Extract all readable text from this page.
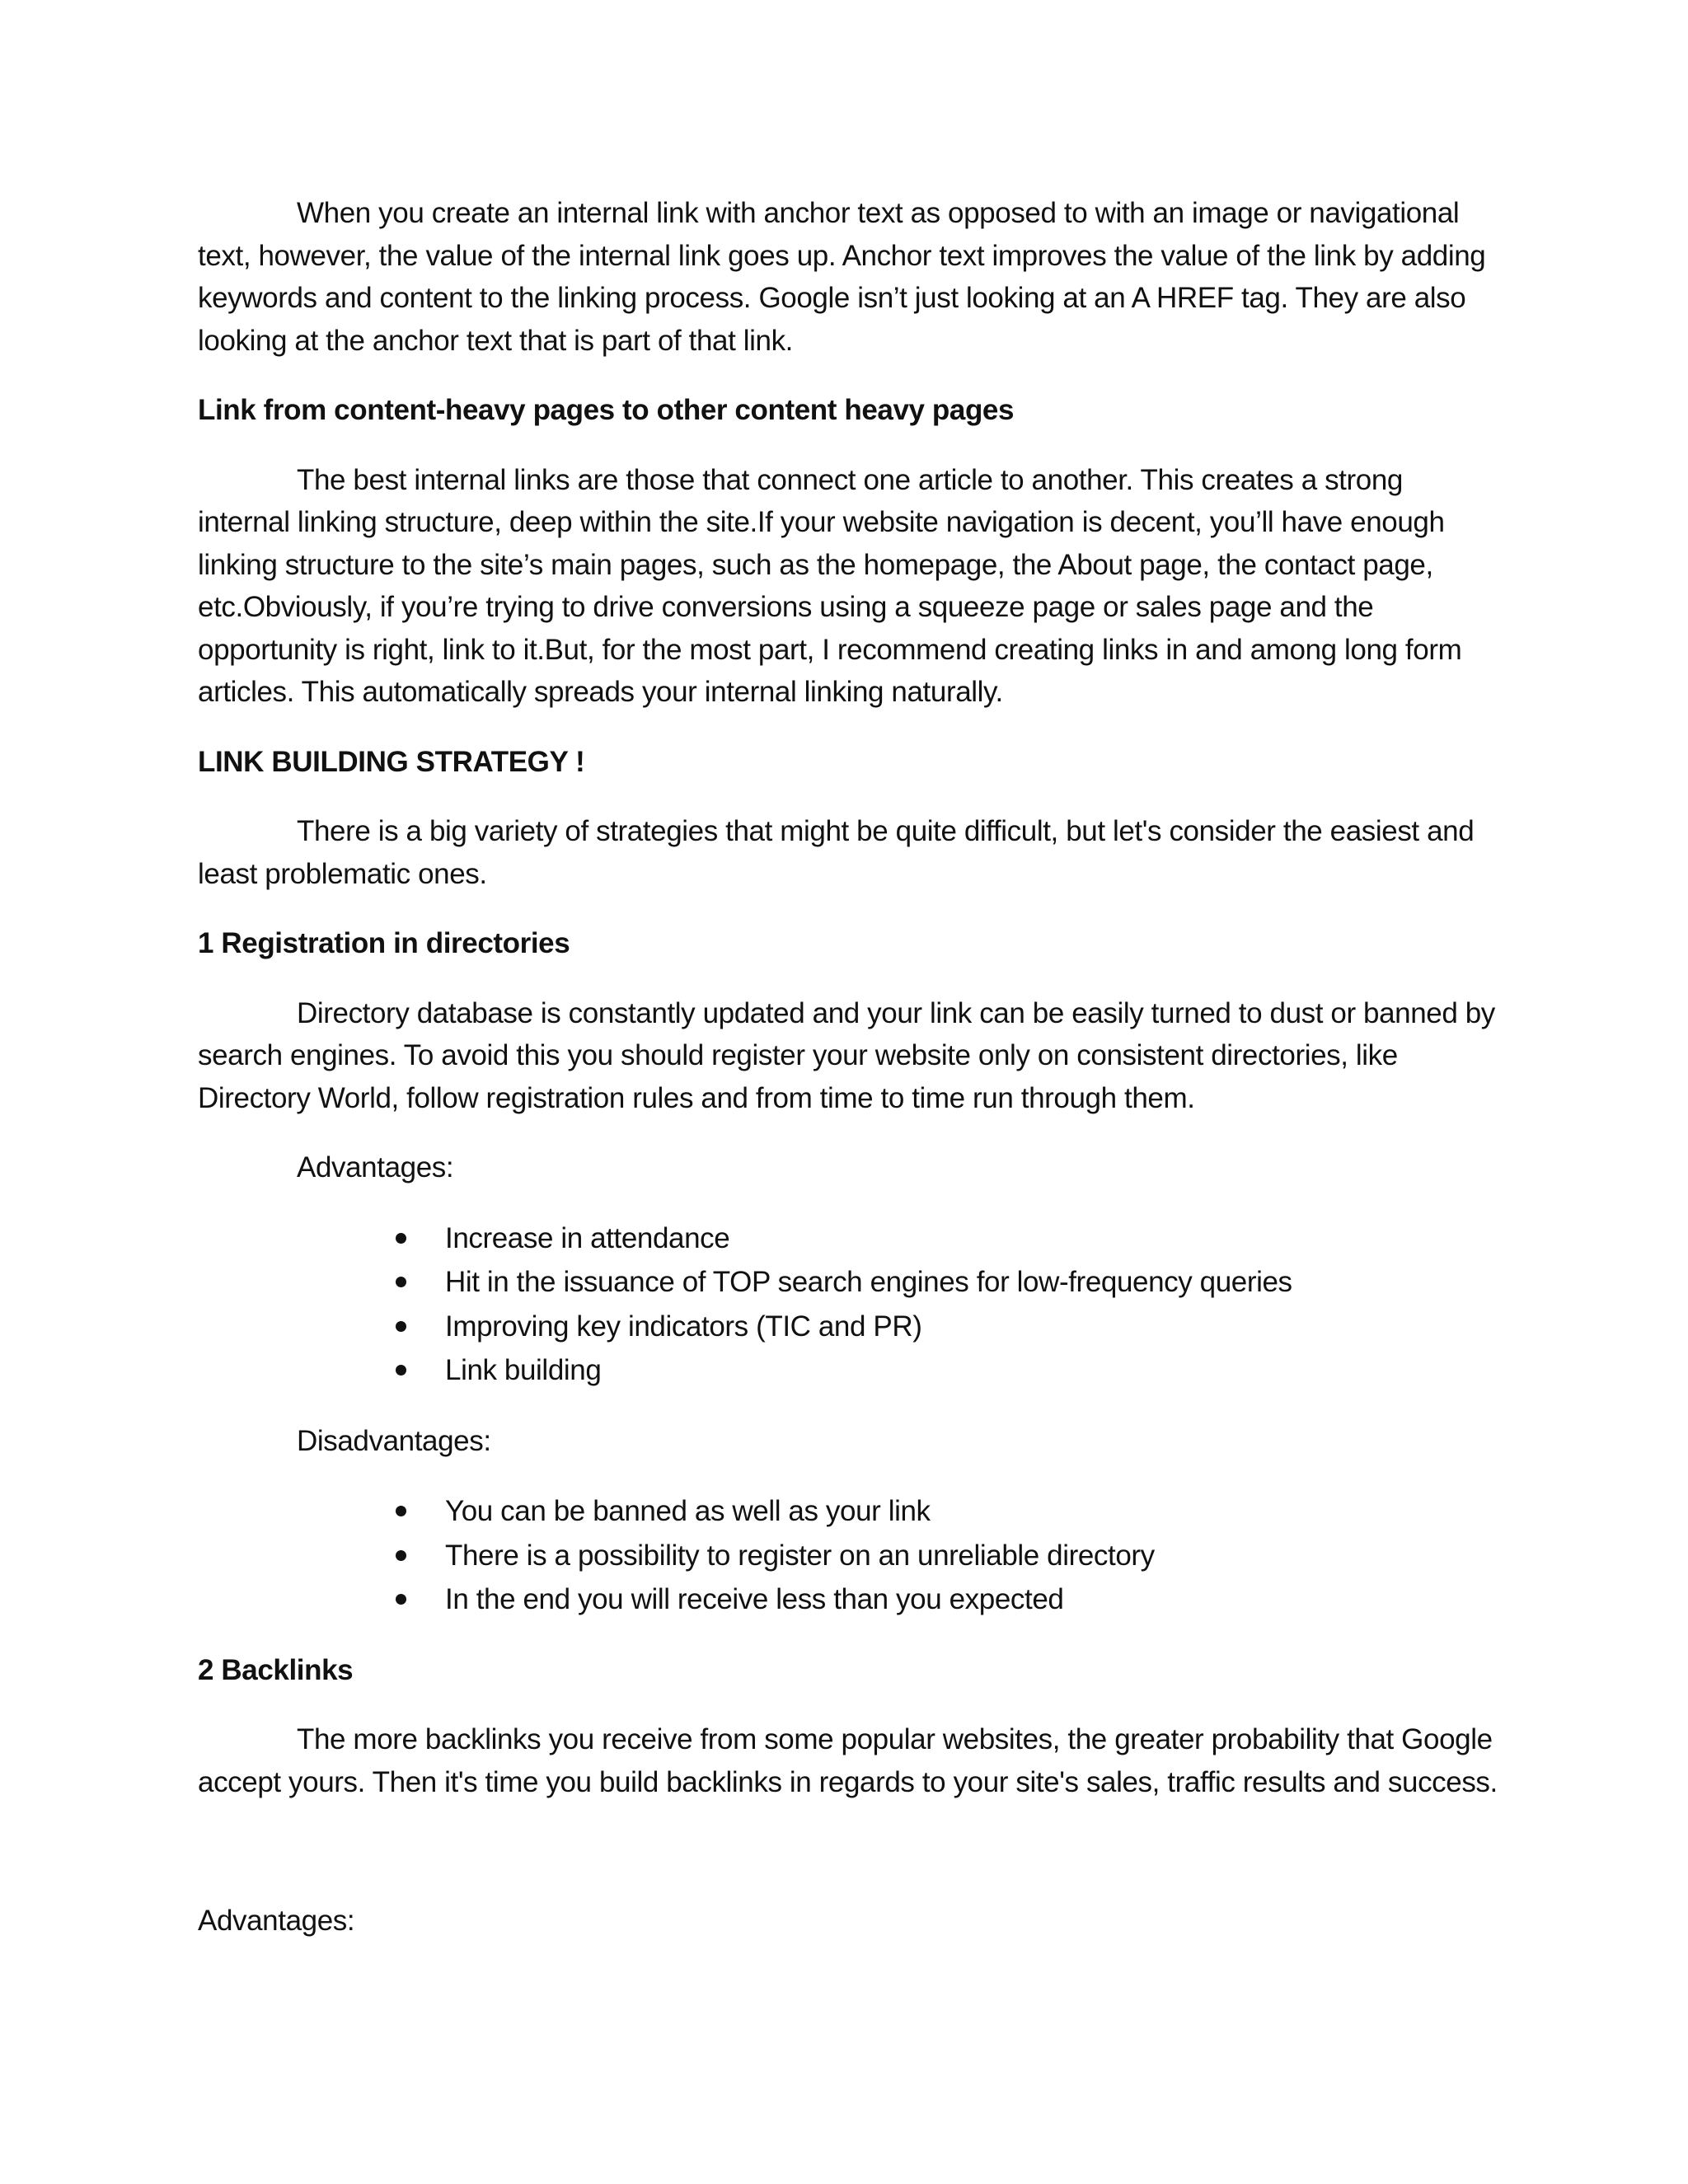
When you create an internal link with anchor text as opposed to with an image or navigational text, however, the value of the internal link goes up. Anchor text improves the value of the link by adding keywords and content to the linking process. Google isn’t just looking at an A HREF tag. They are also looking at the anchor text that is part of that link.

Link from content-heavy pages to other content heavy pages

The best internal links are those that connect one article to another. This creates a strong internal linking structure, deep within the site.If your website navigation is decent, you’ll have enough linking structure to the site’s main pages, such as the homepage, the About page, the contact page, etc.Obviously, if you’re trying to drive conversions using a squeeze page or sales page and the opportunity is right, link to it.But, for the most part, I recommend creating links in and among long form articles. This automatically spreads your internal linking naturally.

LINK BUILDING STRATEGY !

There is a big variety of strategies that might be quite difficult, but let's consider the easiest and least problematic ones.

1 Registration in directories

Directory database is constantly updated and your link can be easily turned to dust or banned by search engines. To avoid this you should register your website only on consistent directories, like Directory World, follow registration rules and from time to time run through them.

Advantages:

Increase in attendance
Hit in the issuance of TOP search engines for low-frequency queries
Improving key indicators (TIC and PR)
Link building

Disadvantages:

You can be banned as well as your link
There is a possibility to register on an unreliable directory
In the end you will receive less than you expected

2 Backlinks

The more backlinks you receive from some popular websites, the greater probability that Google accept yours. Then it's time you build backlinks in regards to your site's sales, traffic results and success.

Advantages:
